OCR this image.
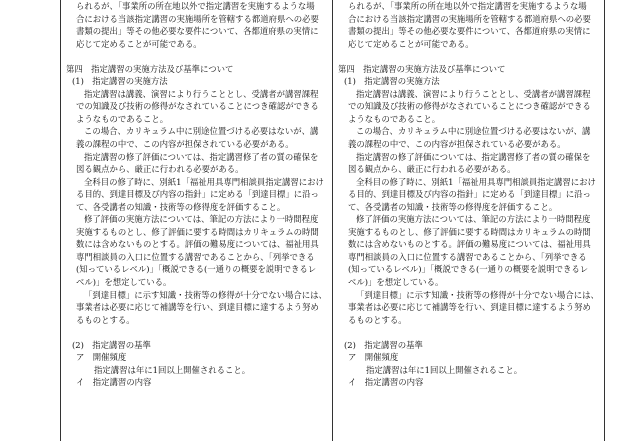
られるが、「事業所の所在地以外で指定講習を実施するような場
合における当該指定講習の実施場所を管轄する都道府県への必要
書類の提出」等その他必要な要件について、各都道府県の実情に
応じて定めることが可能である。
第四　指定講習の実施方法及び基準について
(1)　指定講習の実施方法
指定講習は講義、演習により行うこととし、受講者が講習課程
での知識及び技術の修得がなされていることにつき確認ができる
ようなものであること。
この場合、カリキュラム中に別途位置づける必要はないが、講
義の課程の中で、この内容が担保されている必要がある。
指定講習の修了評価については、指定講習修了者の質の確保を
図る観点から、厳正に行われる必要がある。
全科目の修了時に、別紙1「福祉用具専門相談員指定講習におけ
る目的、到達目標及び内容の指針」に定める「到達目標」に沿っ
て、各受講者の知識・技術等の修得度を評価すること。
修了評価の実施方法については、筆記の方法により一時間程度
実施するものとし、修了評価に要する時間はカリキュラムの時間
数には含めないものとする。評価の難易度については、福祉用具
専門相談員の入口に位置する講習であることから、「列挙できる
(知っているレベル)」「概説できる(一通りの概要を説明できるレ
ベル)」を想定している。
「到達目標」に示す知識・技術等の修得が十分でない場合には、
事業者は必要に応じて補講等を行い、到達目標に達するよう努め
るものとする。
(2)　指定講習の基準
ア　開催頻度
指定講習は年に1回以上開催されること。
イ　指定講習の内容
られるが、「事業所の所在地以外で指定講習を実施するような場
合における当該指定講習の実施場所を管轄する都道府県への必要
書類の提出」等その他必要な要件について、各都道府県の実情に
応じて定めることが可能である。
第四　指定講習の実施方法及び基準について
(1)　指定講習の実施方法
指定講習は講義、演習により行うこととし、受講者が講習課程
での知識及び技術の修得がなされていることにつき確認ができる
ようなものであること。
この場合、カリキュラム中に別途位置づける必要はないが、講
義の課程の中で、この内容が担保されている必要がある。
指定講習の修了評価については、指定講習修了者の質の確保を
図る観点から、厳正に行われる必要がある。
全科目の修了時に、別紙1「福祉用具専門相談員指定講習におけ
る目的、到達目標及び内容の指針」に定める「到達目標」に沿っ
て、各受講者の知識・技術等の修得度を評価すること。
修了評価の実施方法については、筆記の方法により一時間程度
実施するものとし、修了評価に要する時間はカリキュラムの時間
数には含めないものとする。評価の難易度については、福祉用具
専門相談員の入口に位置する講習であることから、「列挙できる
(知っているレベル)」「概説できる(一通りの概要を説明できるレ
ベル)」を想定している。
「到達目標」に示す知識・技術等の修得が十分でない場合には、
事業者は必要に応じて補講等を行い、到達目標に達するよう努め
るものとする。
(2)　指定講習の基準
ア　開催頻度
指定講習は年に1回以上開催されること。
イ　指定講習の内容
